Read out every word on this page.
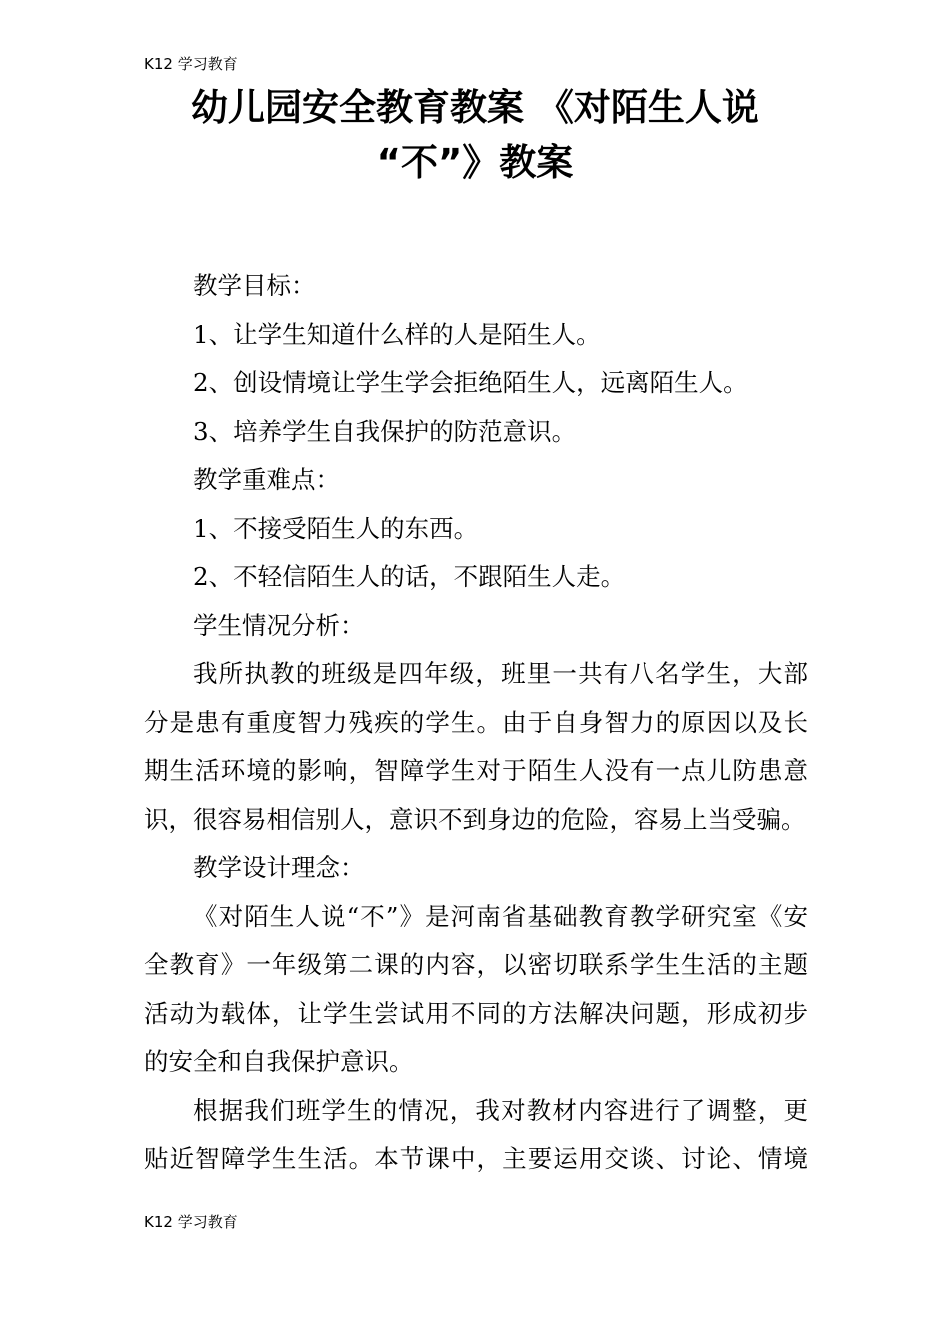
K12 学习教育
幼儿园安全教育教案 《对陌生人说
“不”》教案

教学目标：

1、让学生知道什么样的人是陌生人。

2、创设情境让学生学会拒绝陌生人，远离陌生人。

3、培养学生自我保护的防范意识。

教学重难点：

1、不接受陌生人的东西。

2、不轻信陌生人的话，不跟陌生人走。

学生情况分析：

我所执教的班级是四年级，班里一共有八名学生，大部
分是患有重度智力残疾的学生。由于自身智力的原因以及长
期生活环境的影响，智障学生对于陌生人没有一点儿防患意
识，很容易相信别人，意识不到身边的危险，容易上当受骗。

教学设计理念：

《对陌生人说“不”》是河南省基础教育教学研究室《安
全教育》一年级第二课的内容，以密切联系学生生活的主题
活动为载体，让学生尝试用不同的方法解决问题，形成初步
的安全和自我保护意识。

根据我们班学生的情况，我对教材内容进行了调整，更
贴近智障学生生活。本节课中，主要运用交谈、讨论、情境

K12 学习教育
